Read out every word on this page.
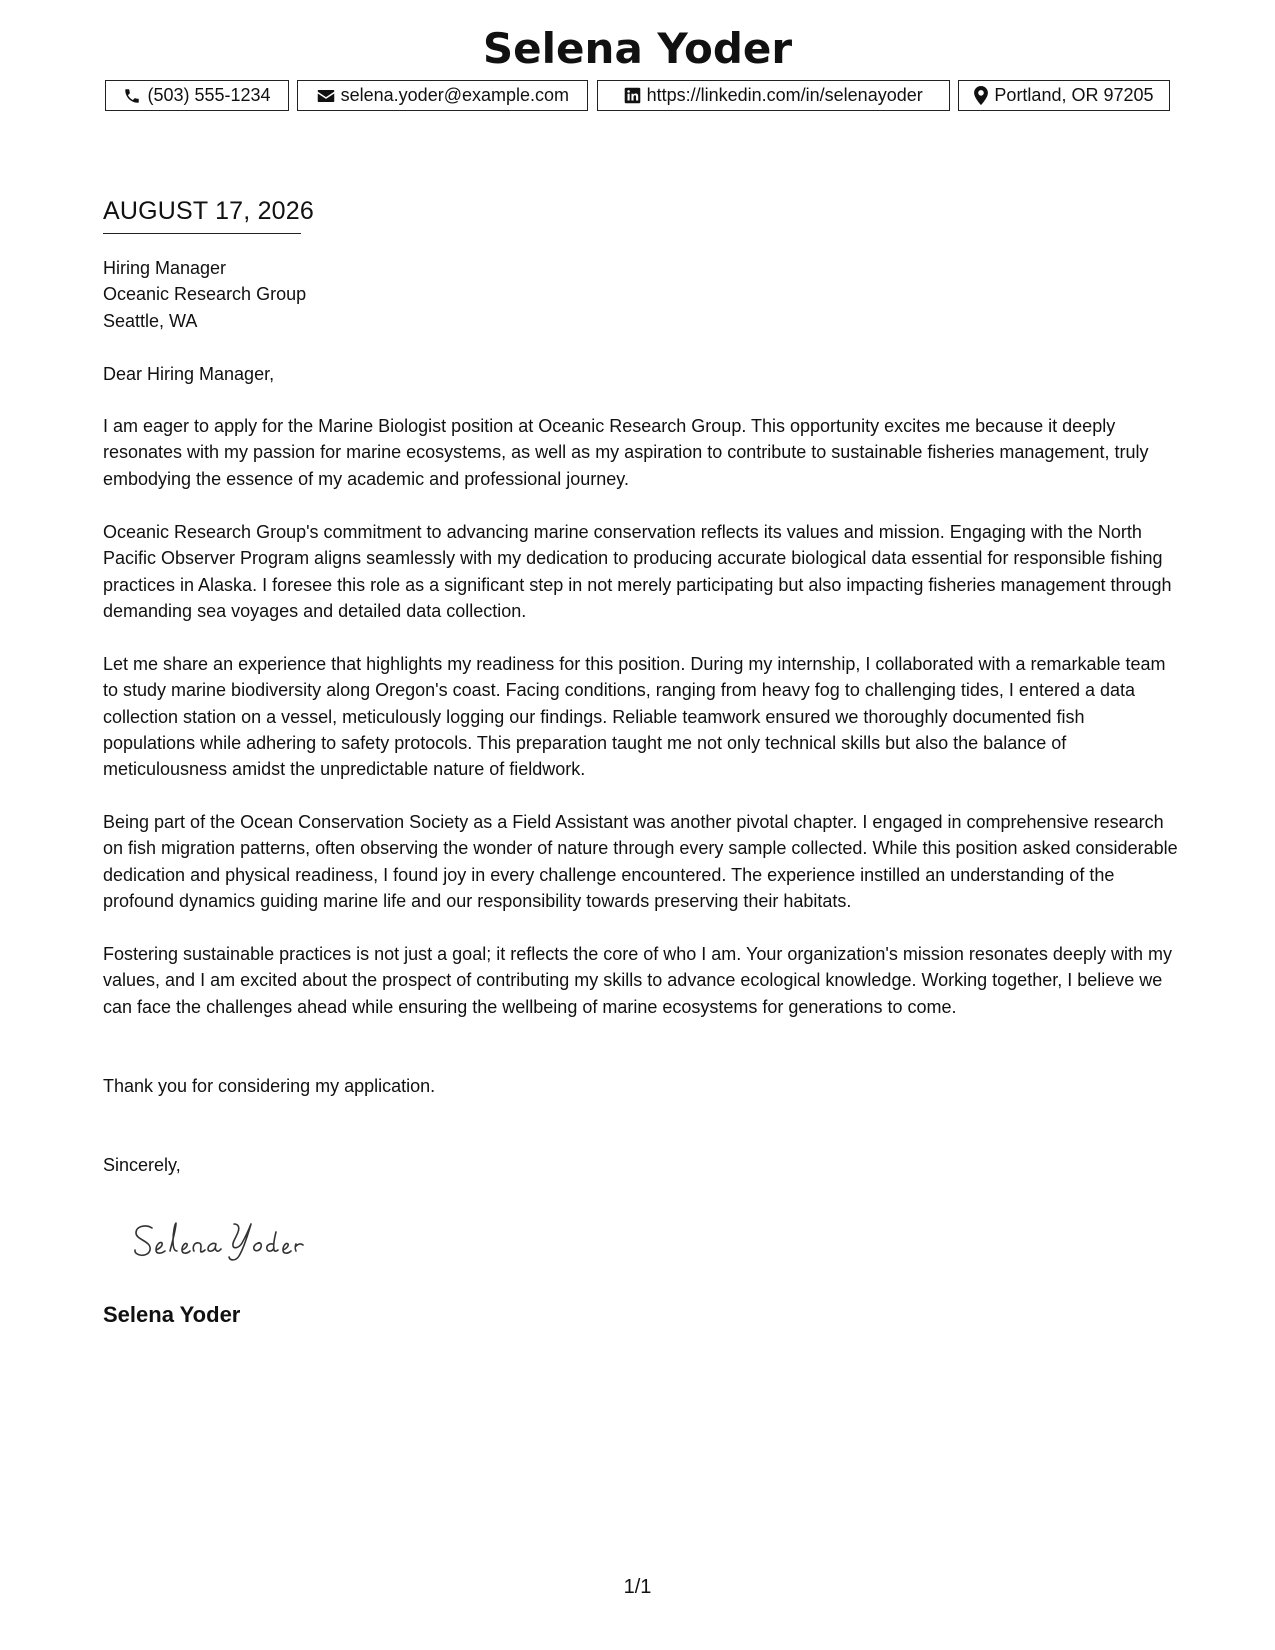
Selena Yoder
(503) 555-1234	selena.yoder@example.com	https://linkedin.com/in/selenayoder	Portland, OR 97205
AUGUST 17, 2026
Hiring Manager
Oceanic Research Group
Seattle, WA

Dear Hiring Manager,

I am eager to apply for the Marine Biologist position at Oceanic Research Group. This opportunity excites me because it deeply resonates with my passion for marine ecosystems, as well as my aspiration to contribute to sustainable fisheries management, truly embodying the essence of my academic and professional journey.

Oceanic Research Group's commitment to advancing marine conservation reflects its values and mission. Engaging with the North Pacific Observer Program aligns seamlessly with my dedication to producing accurate biological data essential for responsible fishing practices in Alaska. I foresee this role as a significant step in not merely participating but also impacting fisheries management through demanding sea voyages and detailed data collection.

Let me share an experience that highlights my readiness for this position. During my internship, I collaborated with a remarkable team to study marine biodiversity along Oregon's coast. Facing conditions, ranging from heavy fog to challenging tides, I entered a data collection station on a vessel, meticulously logging our findings. Reliable teamwork ensured we thoroughly documented fish populations while adhering to safety protocols. This preparation taught me not only technical skills but also the balance of meticulousness amidst the unpredictable nature of fieldwork.

Being part of the Ocean Conservation Society as a Field Assistant was another pivotal chapter. I engaged in comprehensive research on fish migration patterns, often observing the wonder of nature through every sample collected. While this position asked considerable dedication and physical readiness, I found joy in every challenge encountered. The experience instilled an understanding of the profound dynamics guiding marine life and our responsibility towards preserving their habitats.

Fostering sustainable practices is not just a goal; it reflects the core of who I am. Your organization's mission resonates deeply with my values, and I am excited about the prospect of contributing my skills to advance ecological knowledge. Working together, I believe we can face the challenges ahead while ensuring the wellbeing of marine ecosystems for generations to come.

Thank you for considering my application.

Sincerely,

Selena Yoder
1/1
